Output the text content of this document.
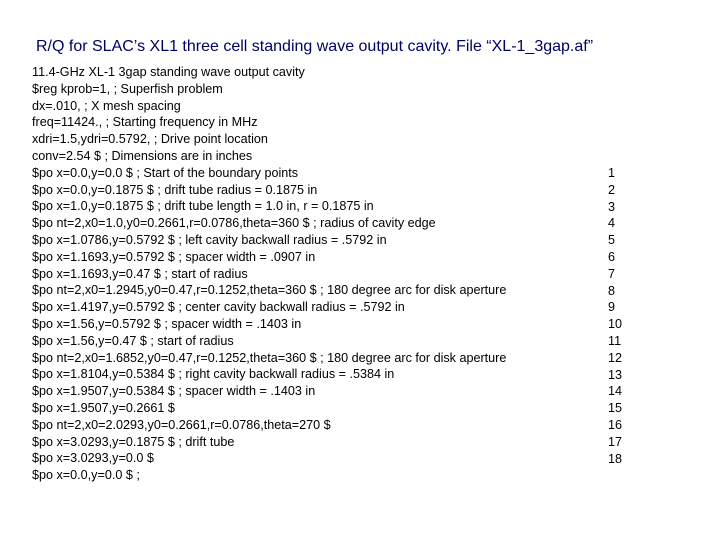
R/Q for SLAC’s XL1 three cell standing wave output cavity. File “XL-1_3gap.af”
11.4-GHz XL-1 3gap standing wave output cavity
$reg kprob=1, ; Superfish problem
dx=.010, ; X mesh spacing
freq=11424., ; Starting frequency in MHz
xdri=1.5,ydri=0.5792, ; Drive point location
conv=2.54 $ ; Dimensions are in inches
$po x=0.0,y=0.0 $ ; Start of the boundary points
$po x=0.0,y=0.1875 $ ; drift tube radius = 0.1875 in
$po x=1.0,y=0.1875 $ ; drift tube length = 1.0 in, r = 0.1875 in
$po nt=2,x0=1.0,y0=0.2661,r=0.0786,theta=360 $ ; radius of cavity edge
$po x=1.0786,y=0.5792 $ ; left cavity backwall radius = .5792 in
$po x=1.1693,y=0.5792 $ ; spacer width = .0907 in
$po x=1.1693,y=0.47 $ ; start of radius
$po nt=2,x0=1.2945,y0=0.47,r=0.1252,theta=360 $ ; 180 degree arc for disk aperture
$po x=1.4197,y=0.5792 $ ; center cavity backwall radius = .5792 in
$po x=1.56,y=0.5792 $ ; spacer width = .1403 in
$po x=1.56,y=0.47 $ ; start of radius
$po nt=2,x0=1.6852,y0=0.47,r=0.1252,theta=360 $ ; 180 degree arc for disk aperture
$po x=1.8104,y=0.5384 $ ; right cavity backwall radius = .5384 in
$po x=1.9507,y=0.5384 $ ; spacer width = .1403 in
$po x=1.9507,y=0.2661 $
$po nt=2,x0=2.0293,y0=0.2661,r=0.0786,theta=270 $
$po x=3.0293,y=0.1875 $ ; drift tube
$po x=3.0293,y=0.0 $
$po x=0.0,y=0.0 $ ;
1
2
3
4
5
6
7
8
9
10
11
12
13
14
15
16
17
18
